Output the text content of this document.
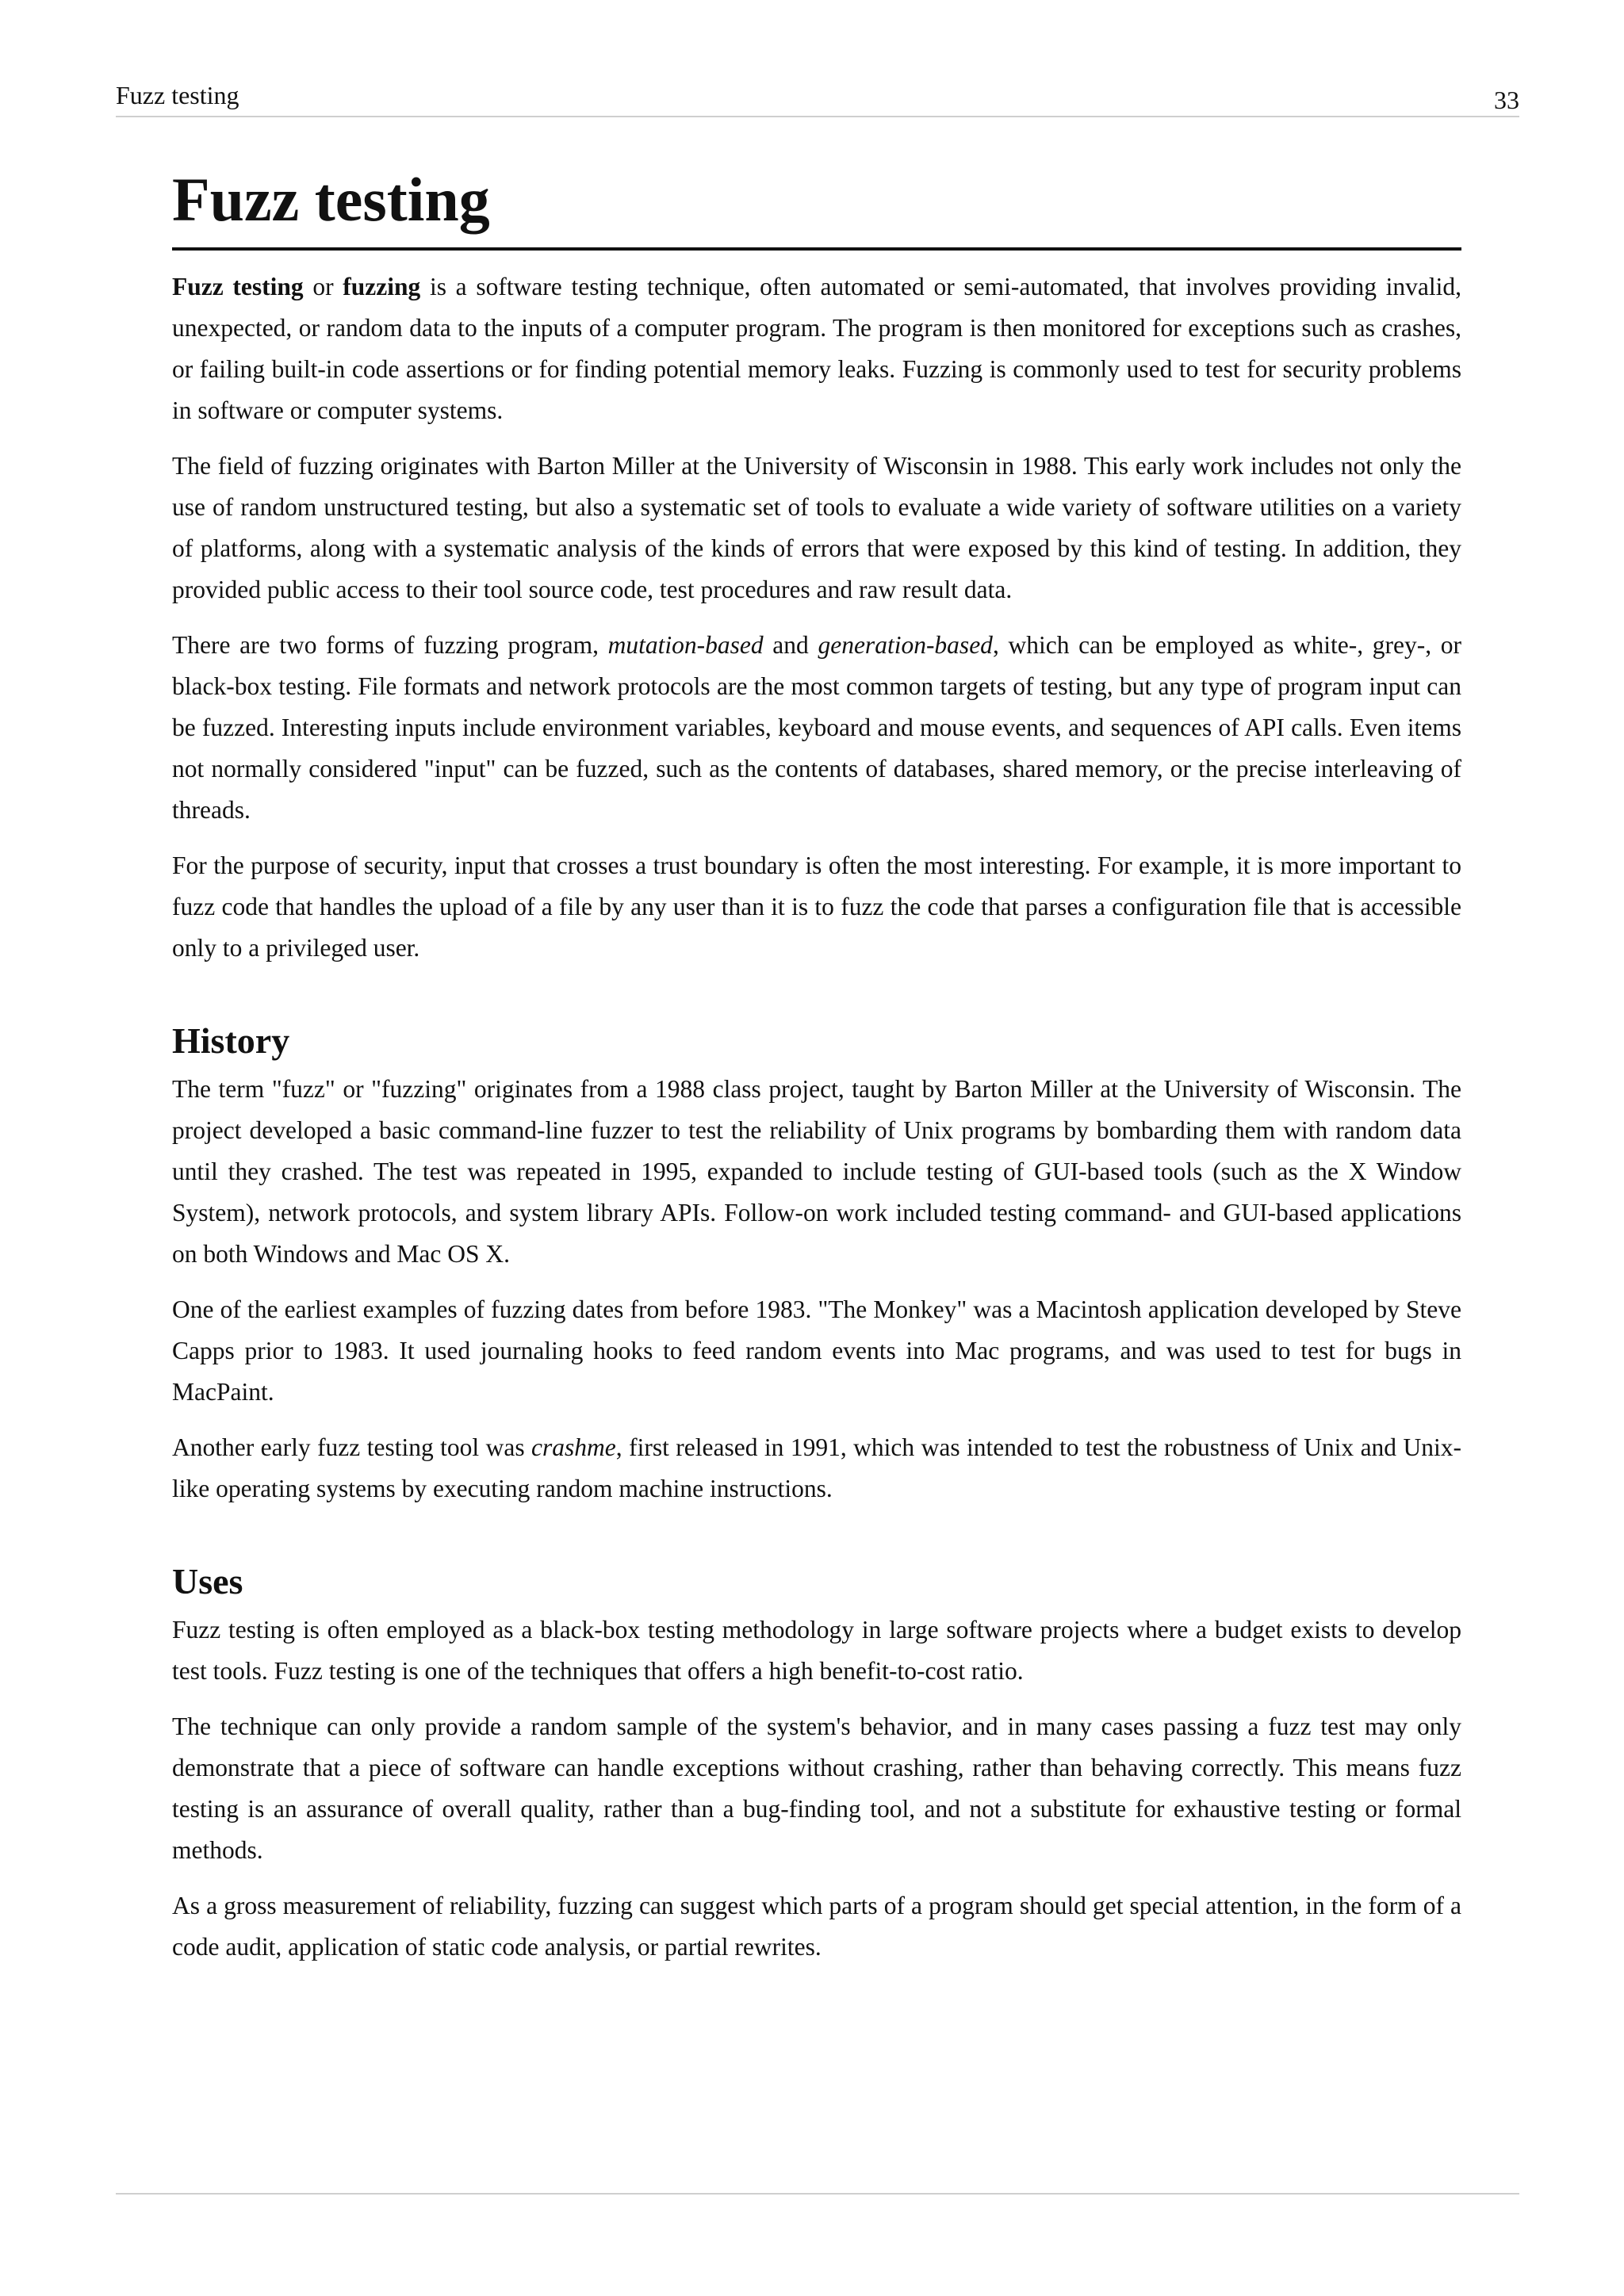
Fuzz testing	33
Fuzz testing

Fuzz testing or fuzzing is a software testing technique, often automated or semi-automated, that involves providing invalid, unexpected, or random data to the inputs of a computer program. The program is then monitored for exceptions such as crashes, or failing built-in code assertions or for finding potential memory leaks. Fuzzing is commonly used to test for security problems in software or computer systems.

The field of fuzzing originates with Barton Miller at the University of Wisconsin in 1988. This early work includes not only the use of random unstructured testing, but also a systematic set of tools to evaluate a wide variety of software utilities on a variety of platforms, along with a systematic analysis of the kinds of errors that were exposed by this kind of testing. In addition, they provided public access to their tool source code, test procedures and raw result data.

There are two forms of fuzzing program, mutation-based and generation-based, which can be employed as white-, grey-, or black-box testing. File formats and network protocols are the most common targets of testing, but any type of program input can be fuzzed. Interesting inputs include environment variables, keyboard and mouse events, and sequences of API calls. Even items not normally considered "input" can be fuzzed, such as the contents of databases, shared memory, or the precise interleaving of threads.

For the purpose of security, input that crosses a trust boundary is often the most interesting. For example, it is more important to fuzz code that handles the upload of a file by any user than it is to fuzz the code that parses a configuration file that is accessible only to a privileged user.

History

The term "fuzz" or "fuzzing" originates from a 1988 class project, taught by Barton Miller at the University of Wisconsin. The project developed a basic command-line fuzzer to test the reliability of Unix programs by bombarding them with random data until they crashed. The test was repeated in 1995, expanded to include testing of GUI-based tools (such as the X Window System), network protocols, and system library APIs. Follow-on work included testing command- and GUI-based applications on both Windows and Mac OS X.

One of the earliest examples of fuzzing dates from before 1983. "The Monkey" was a Macintosh application developed by Steve Capps prior to 1983. It used journaling hooks to feed random events into Mac programs, and was used to test for bugs in MacPaint.

Another early fuzz testing tool was crashme, first released in 1991, which was intended to test the robustness of Unix and Unix-like operating systems by executing random machine instructions.

Uses

Fuzz testing is often employed as a black-box testing methodology in large software projects where a budget exists to develop test tools. Fuzz testing is one of the techniques that offers a high benefit-to-cost ratio.

The technique can only provide a random sample of the system's behavior, and in many cases passing a fuzz test may only demonstrate that a piece of software can handle exceptions without crashing, rather than behaving correctly. This means fuzz testing is an assurance of overall quality, rather than a bug-finding tool, and not a substitute for exhaustive testing or formal methods.

As a gross measurement of reliability, fuzzing can suggest which parts of a program should get special attention, in the form of a code audit, application of static code analysis, or partial rewrites.
